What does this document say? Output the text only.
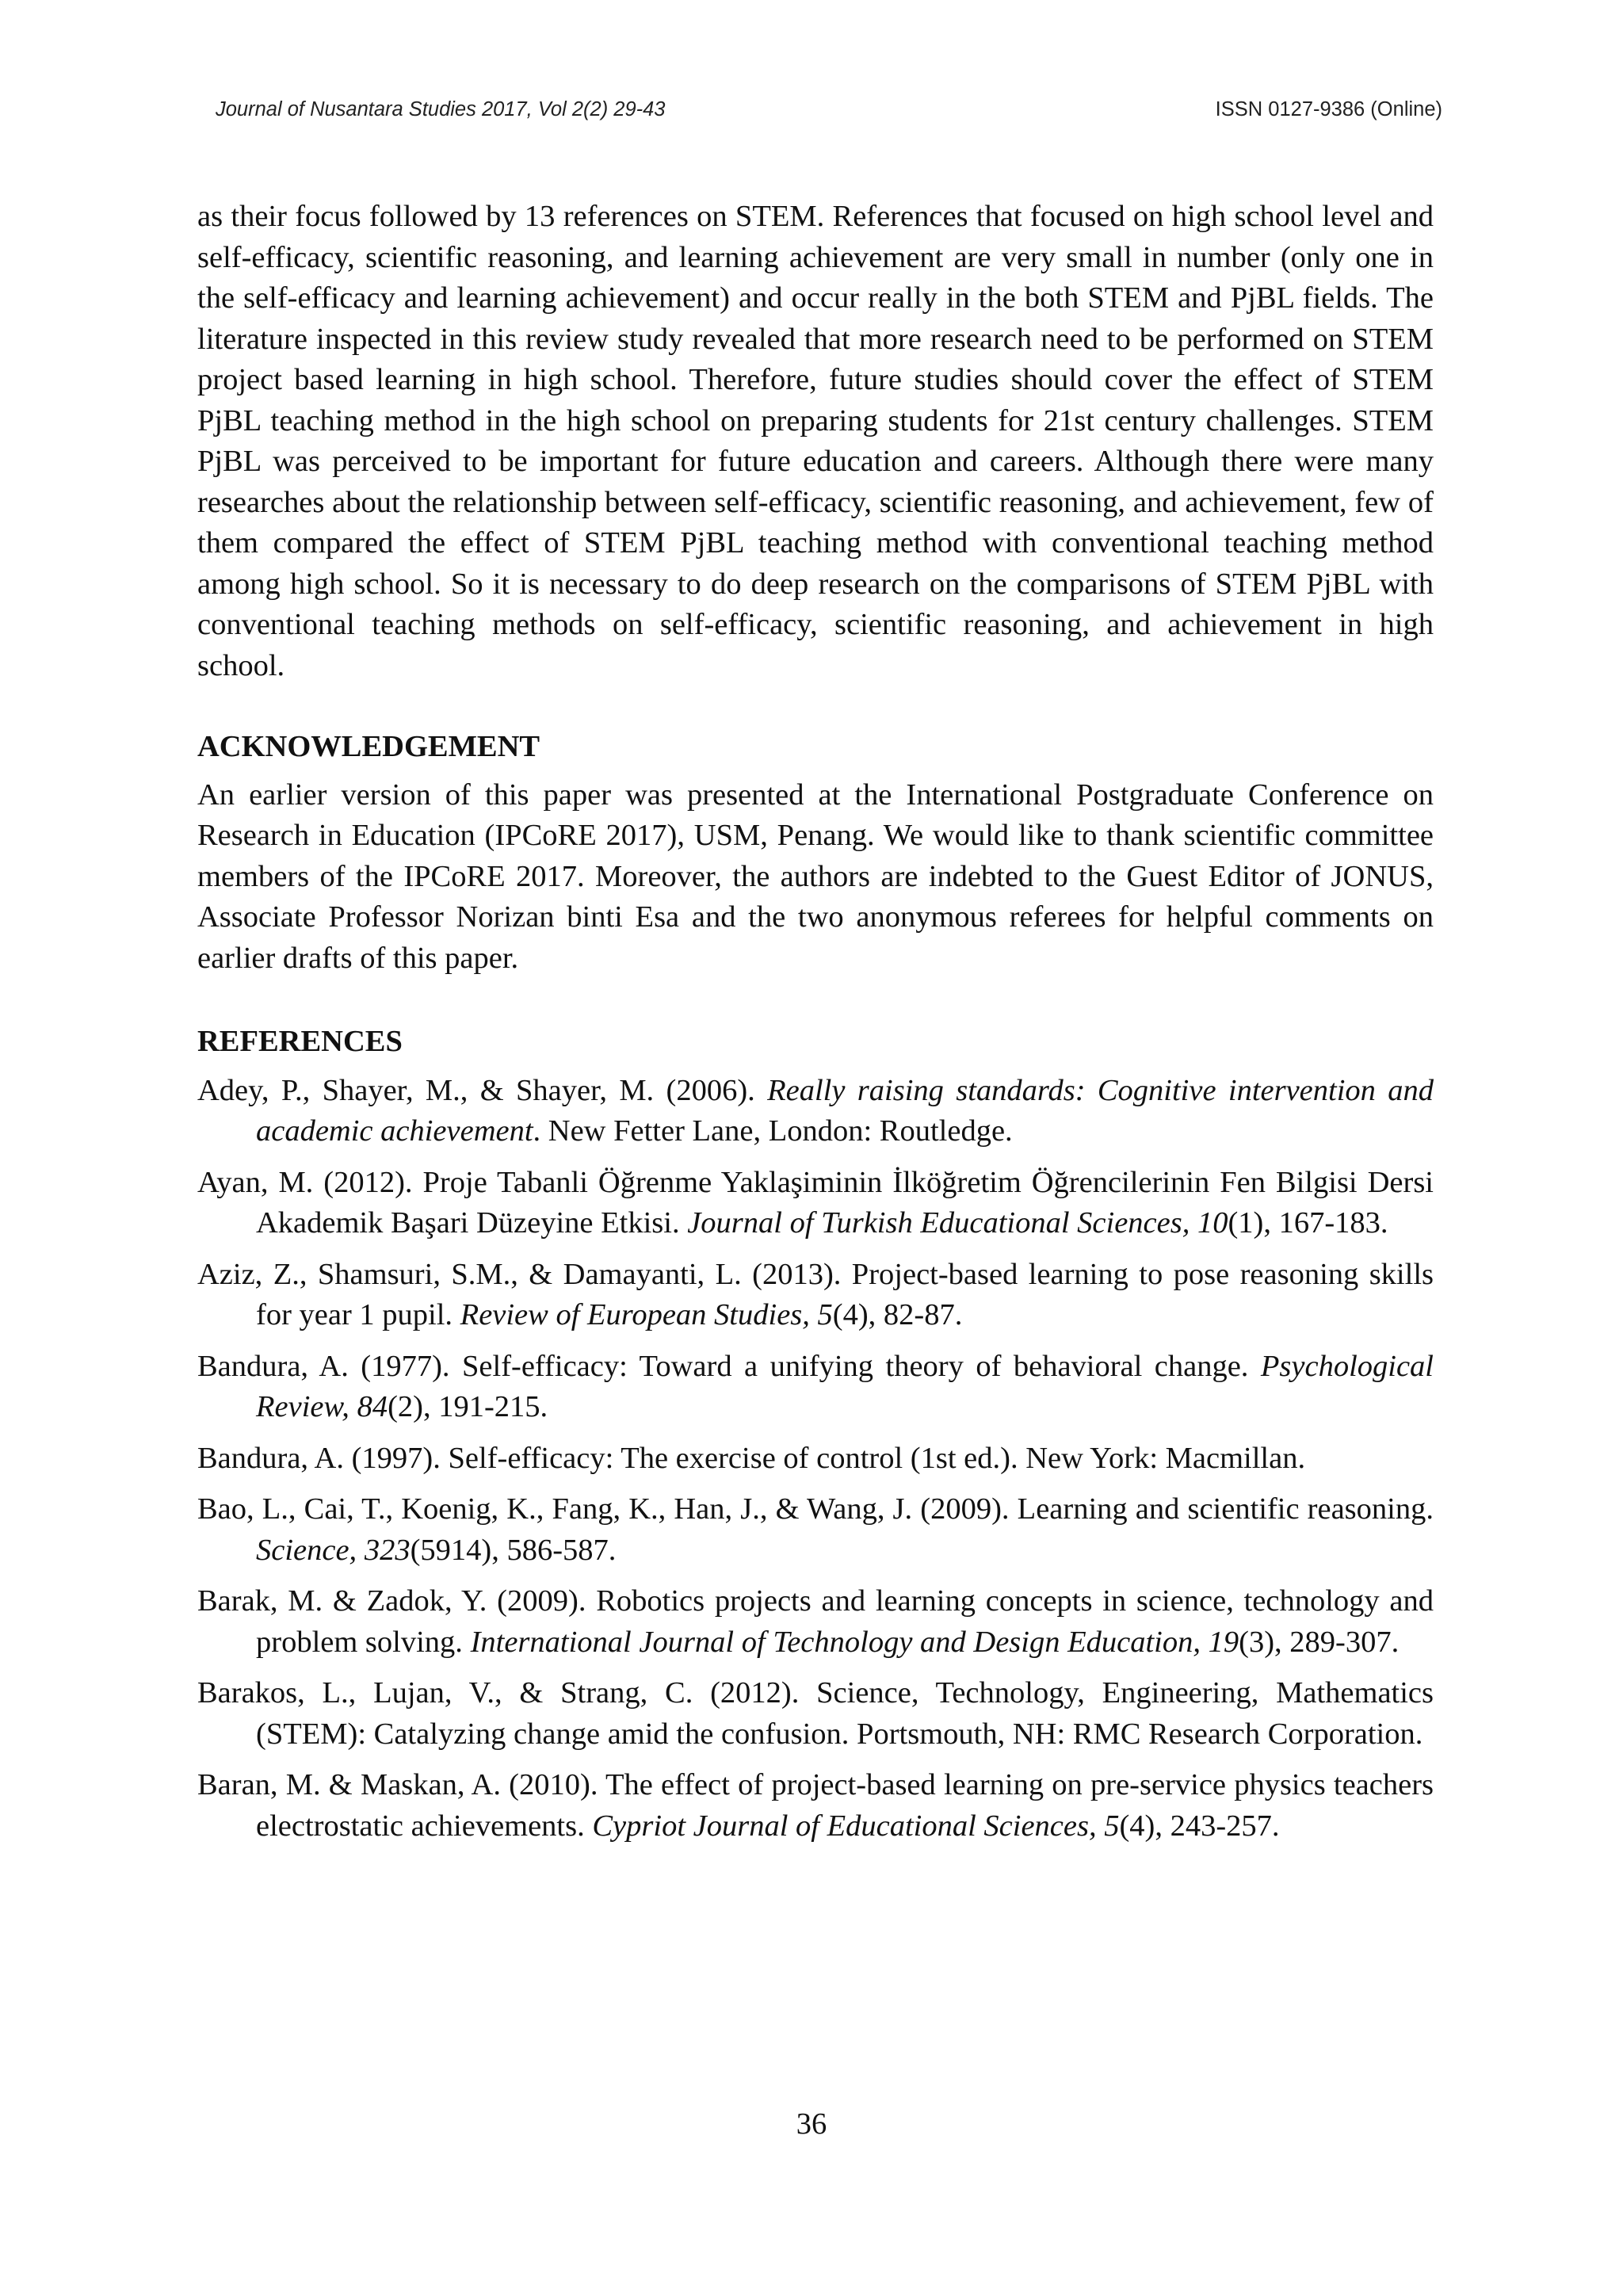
Journal of Nusantara Studies 2017, Vol 2(2) 29-43	ISSN 0127-9386 (Online)

as their focus followed by 13 references on STEM. References that focused on high school level and self-efficacy, scientific reasoning, and learning achievement are very small in number (only one in the self-efficacy and learning achievement) and occur really in the both STEM and PjBL fields. The literature inspected in this review study revealed that more research need to be performed on STEM project based learning in high school. Therefore, future studies should cover the effect of STEM PjBL teaching method in the high school on preparing students for 21st century challenges. STEM PjBL was perceived to be important for future education and careers. Although there were many researches about the relationship between self-efficacy, scientific reasoning, and achievement, few of them compared the effect of STEM PjBL teaching method with conventional teaching method among high school. So it is necessary to do deep research on the comparisons of STEM PjBL with conventional teaching methods on self-efficacy, scientific reasoning, and achievement in high school.

ACKNOWLEDGEMENT

An earlier version of this paper was presented at the International Postgraduate Conference on Research in Education (IPCoRE 2017), USM, Penang. We would like to thank scientific committee members of the IPCoRE 2017. Moreover, the authors are indebted to the Guest Editor of JONUS, Associate Professor Norizan binti Esa and the two anonymous referees for helpful comments on earlier drafts of this paper.

REFERENCES
Adey, P., Shayer, M., & Shayer, M. (2006). Really raising standards: Cognitive intervention and academic achievement. New Fetter Lane, London: Routledge.
Ayan, M. (2012). Proje Tabanli Öğrenme Yaklaşiminin İlköğretim Öğrencilerinin Fen Bilgisi Dersi Akademik Başari Düzeyine Etkisi. Journal of Turkish Educational Sciences, 10(1), 167-183.
Aziz, Z., Shamsuri, S.M., & Damayanti, L. (2013). Project-based learning to pose reasoning skills for year 1 pupil. Review of European Studies, 5(4), 82-87.
Bandura, A. (1977). Self-efficacy: Toward a unifying theory of behavioral change. Psychological Review, 84(2), 191-215.
Bandura, A. (1997). Self-efficacy: The exercise of control (1st ed.). New York: Macmillan.
Bao, L., Cai, T., Koenig, K., Fang, K., Han, J., & Wang, J. (2009). Learning and scientific reasoning. Science, 323(5914), 586-587.
Barak, M. & Zadok, Y. (2009). Robotics projects and learning concepts in science, technology and problem solving. International Journal of Technology and Design Education, 19(3), 289-307.
Barakos, L., Lujan, V., & Strang, C. (2012). Science, Technology, Engineering, Mathematics (STEM): Catalyzing change amid the confusion. Portsmouth, NH: RMC Research Corporation.
Baran, M. & Maskan, A. (2010). The effect of project-based learning on pre-service physics teachers electrostatic achievements. Cypriot Journal of Educational Sciences, 5(4), 243-257.
36
